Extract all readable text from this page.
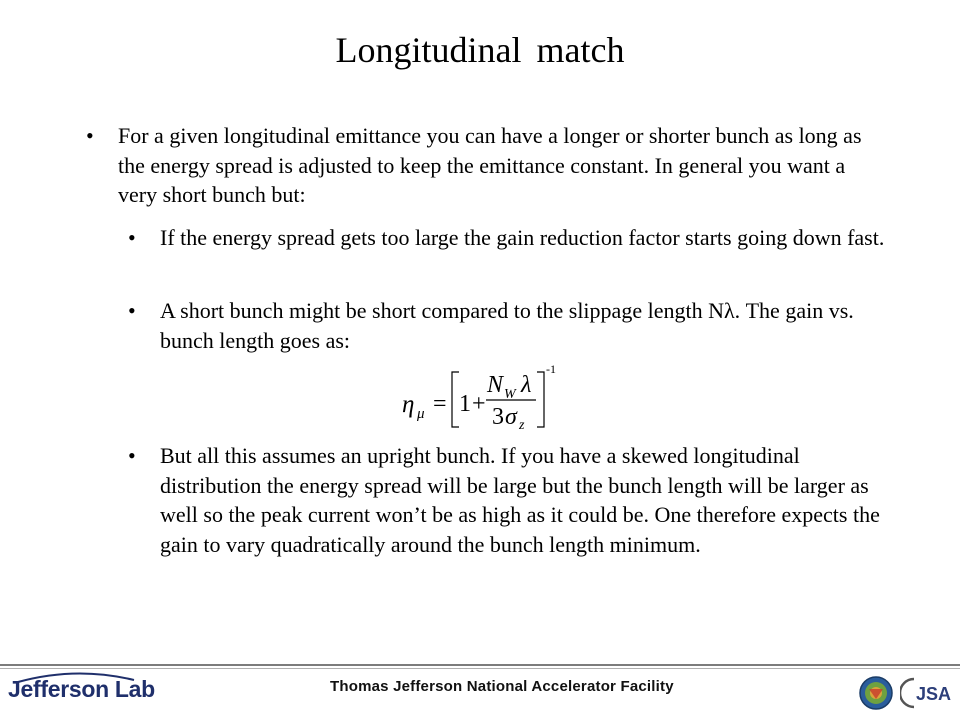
Longitudinal match
• For a given longitudinal emittance you can have a longer or shorter bunch as long as the energy spread is adjusted to keep the emittance constant. In general you want a very short bunch but:
• If the energy spread gets too large the gain reduction factor starts going down fast.
• A short bunch might be short compared to the slippage length Nλ. The gain vs. bunch length goes as:
η μ = 1 +
N W λ
3 σ z
-1
• But all this assumes an upright bunch. If you have a skewed longitudinal distribution the energy spread will be large but the bunch length will be larger as well so the peak current won’t be as high as it could be. One therefore expects the gain to vary quadratically around the bunch length minimum.
Jefferson Lab	Thomas Jefferson National Accelerator Facility	JSA
